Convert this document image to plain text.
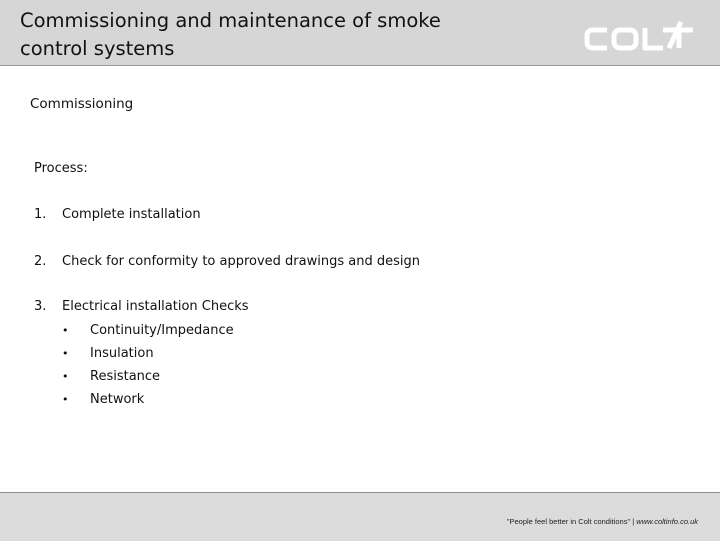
Commissioning and maintenance of smoke control systems
Commissioning
Process:
1. Complete installation
2. Check for conformity to approved drawings and design
3. Electrical installation Checks
• Continuity/Impedance
• Insulation
• Resistance
• Network
"People feel better in Colt conditions" | www.coltinfo.co.uk
